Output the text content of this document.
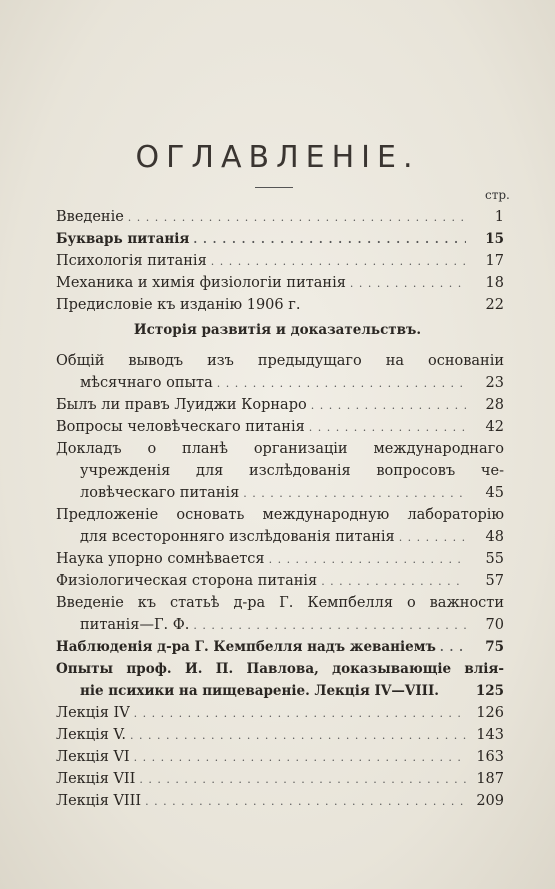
ОГЛАВЛЕНІЕ.
стр.
Введеніе . . .	1
Букварь питанія . . .	15
Психологія питанія . . .	17
Механика и химія физіологіи питанія . . .	18
Предисловіе къ изданію 1906 г.	22
Исторія развитія и доказательствъ.
Общій выводъ изъ предыдущаго на основаніи
мѣсячнаго опыта . . .	23
Былъ ли правъ Луиджи Корнаро . . .	28
Вопросы человѣческаго питанія . . .	42
Докладъ о планѣ организаціи международнаго
учрежденія для изслѣдованія вопросовъ че-
ловѣческаго питанія . . .	45
Предложеніе основать международную лабораторію
для всесторонняго изслѣдованія питанія . . .	48
Наука упорно сомнѣвается . . .	55
Физіологическая сторона питанія . . .	57
Введеніе къ статьѣ д-ра Г. Кемпбелля о важности
питанія—Г. Ф. . . .	70
Наблюденія д-ра Г. Кемпбелля надъ жеваніемъ . . .	75
Опыты проф. И. П. Павлова, доказывающіе влія-
ніе психики на пищевареніе. Лекція IV—VIII.	125
Лекція IV . . .	126
Лекція V. . . .	143
Лекція VI . . .	163
Лекція VII . . .	187
Лекція VIII . . .	209
